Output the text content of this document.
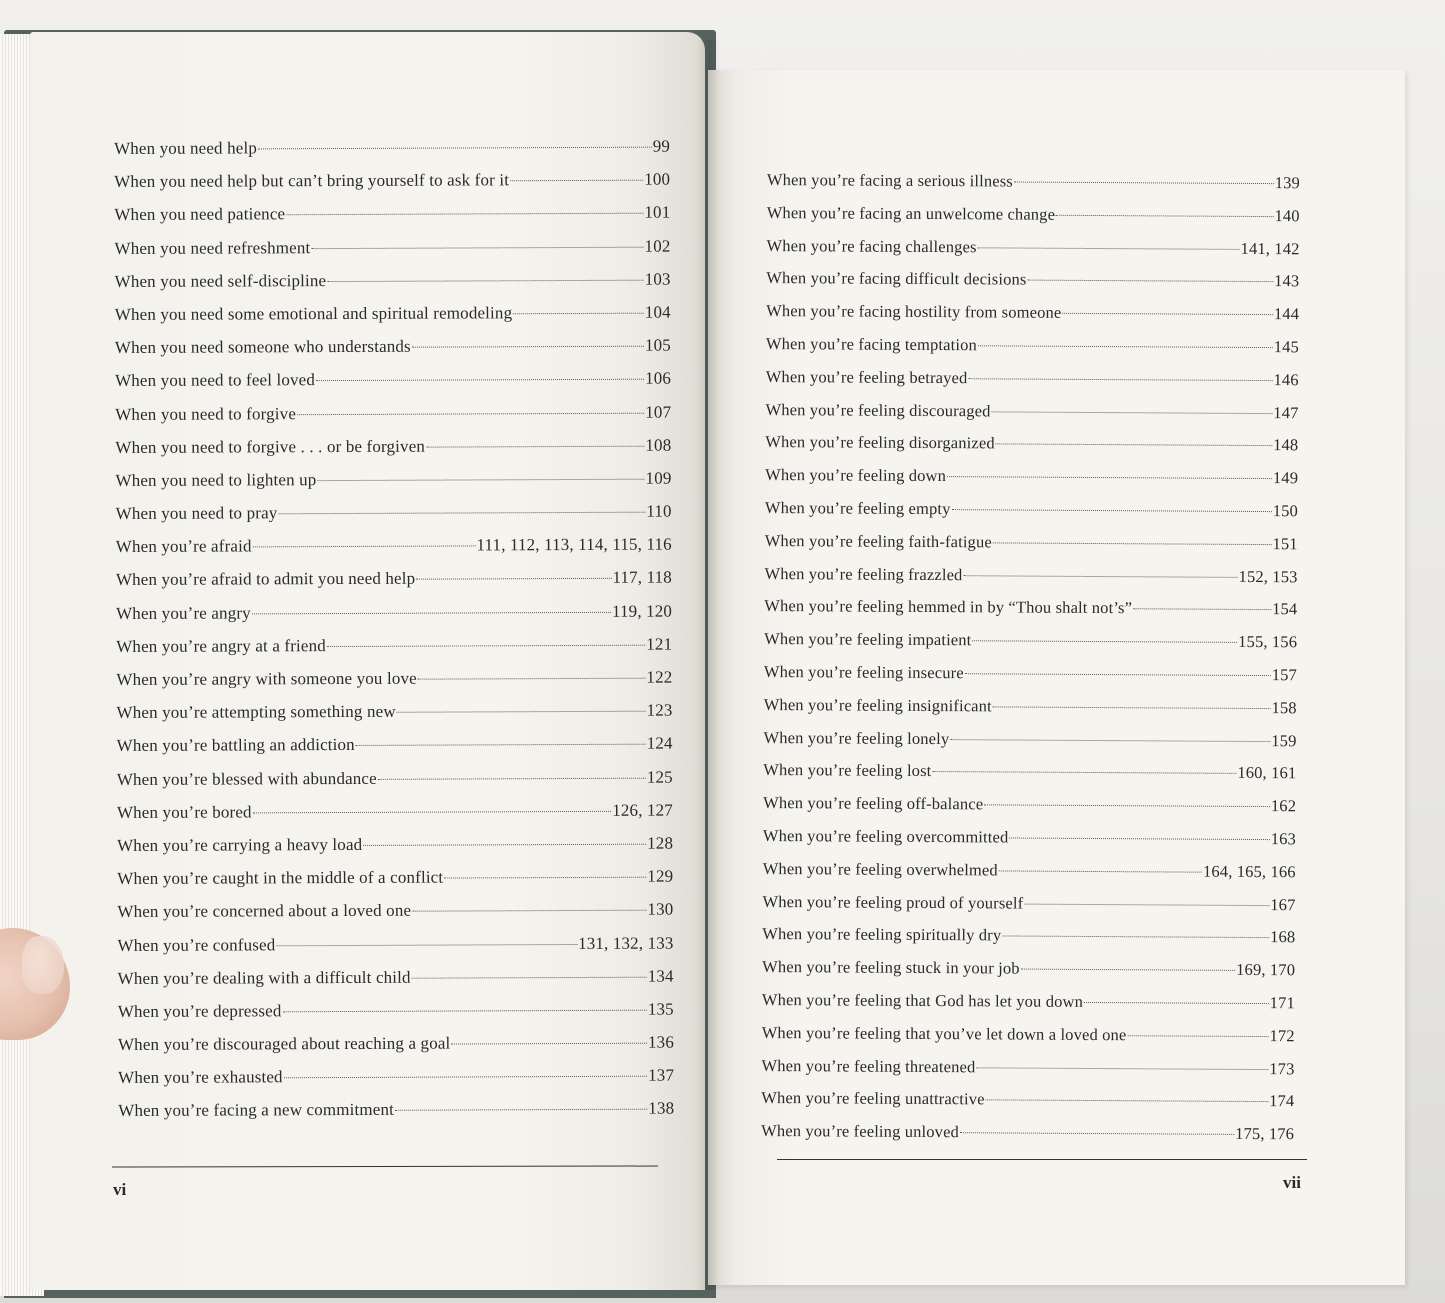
When you need help	99
When you need help but can’t bring yourself to ask for it	100
When you need patience	101
When you need refreshment	102
When you need self-discipline	103
When you need some emotional and spiritual remodeling	104
When you need someone who understands	105
When you need to feel loved	106
When you need to forgive	107
When you need to forgive . . . or be forgiven	108
When you need to lighten up	109
When you need to pray	110
When you’re afraid	111, 112, 113, 114, 115, 116
When you’re afraid to admit you need help	117, 118
When you’re angry	119, 120
When you’re angry at a friend	121
When you’re angry with someone you love	122
When you’re attempting something new	123
When you’re battling an addiction	124
When you’re blessed with abundance	125
When you’re bored	126, 127
When you’re carrying a heavy load	128
When you’re caught in the middle of a conflict	129
When you’re concerned about a loved one	130
When you’re confused	131, 132, 133
When you’re dealing with a difficult child	134
When you’re depressed	135
When you’re discouraged about reaching a goal	136
When you’re exhausted	137
When you’re facing a new commitment	138
When you’re facing a serious illness	139
When you’re facing an unwelcome change	140
When you’re facing challenges	141, 142
When you’re facing difficult decisions	143
When you’re facing hostility from someone	144
When you’re facing temptation	145
When you’re feeling betrayed	146
When you’re feeling discouraged	147
When you’re feeling disorganized	148
When you’re feeling down	149
When you’re feeling empty	150
When you’re feeling faith-fatigue	151
When you’re feeling frazzled	152, 153
When you’re feeling hemmed in by “Thou shalt not’s”	154
When you’re feeling impatient	155, 156
When you’re feeling insecure	157
When you’re feeling insignificant	158
When you’re feeling lonely	159
When you’re feeling lost	160, 161
When you’re feeling off-balance	162
When you’re feeling overcommitted	163
When you’re feeling overwhelmed	164, 165, 166
When you’re feeling proud of yourself	167
When you’re feeling spiritually dry	168
When you’re feeling stuck in your job	169, 170
When you’re feeling that God has let you down	171
When you’re feeling that you’ve let down a loved one	172
When you’re feeling threatened	173
When you’re feeling unattractive	174
When you’re feeling unloved	175, 176
vi	vii
